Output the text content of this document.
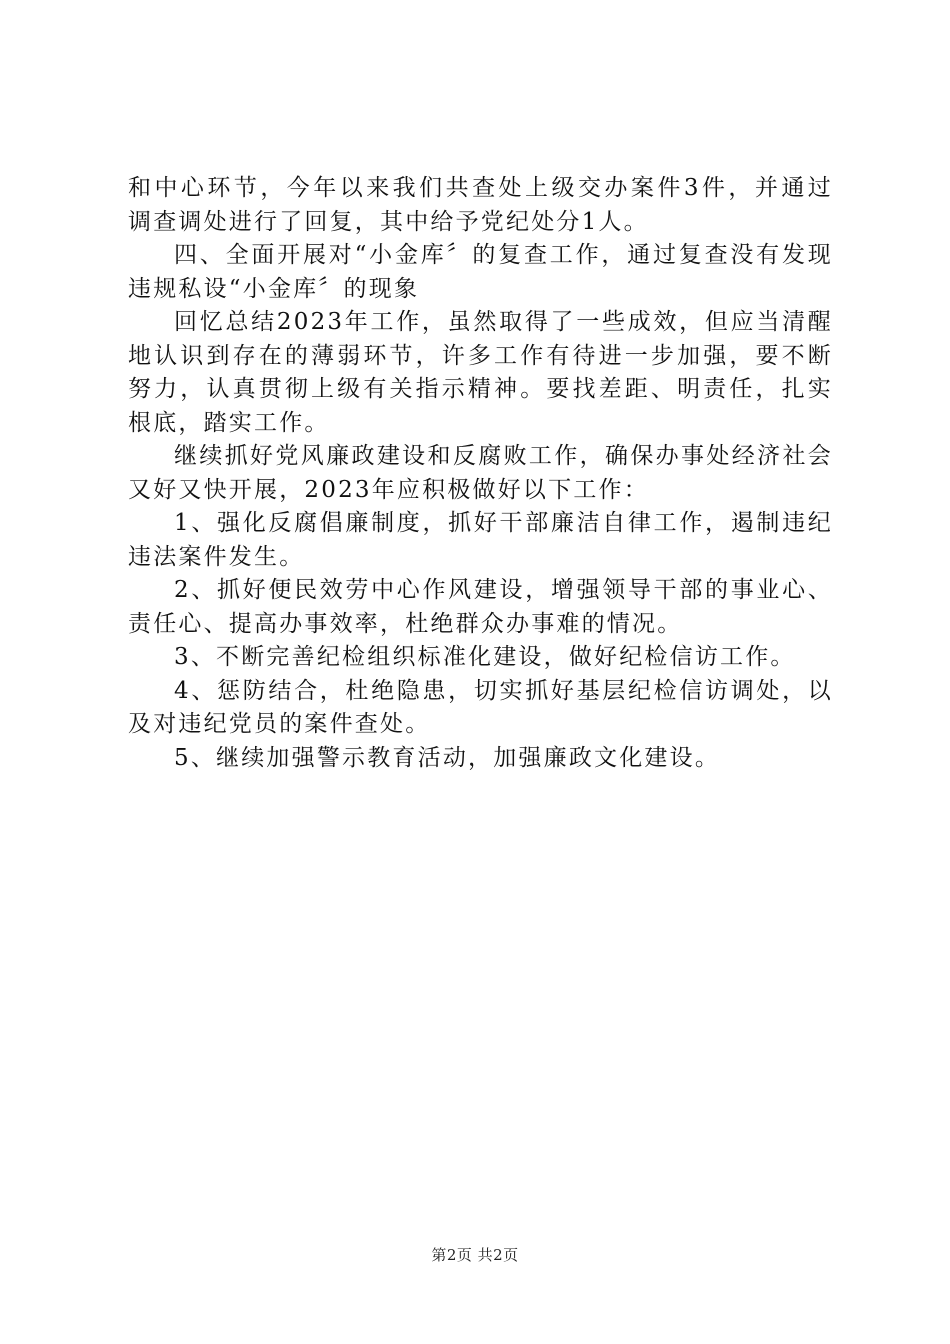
和中心环节，今年以来我们共查处上级交办案件3件，并通过
调查调处进行了回复，其中给予党纪处分1人。
四、全面开展对“小金库〞的复查工作，通过复查没有发现
违规私设“小金库〞的现象
回忆总结2023年工作，虽然取得了一些成效，但应当清醒
地认识到存在的薄弱环节，许多工作有待进一步加强，要不断
努力，认真贯彻上级有关指示精神。要找差距、明责任，扎实
根底，踏实工作。
继续抓好党风廉政建设和反腐败工作，确保办事处经济社会
又好又快开展，2023年应积极做好以下工作：
1、强化反腐倡廉制度，抓好干部廉洁自律工作，遏制违纪
违法案件发生。
2、抓好便民效劳中心作风建设，增强领导干部的事业心、
责任心、提高办事效率，杜绝群众办事难的情况。
3、不断完善纪检组织标准化建设，做好纪检信访工作。
4、惩防结合，杜绝隐患，切实抓好基层纪检信访调处，以
及对违纪党员的案件查处。
5、继续加强警示教育活动，加强廉政文化建设。
第2页 共2页
